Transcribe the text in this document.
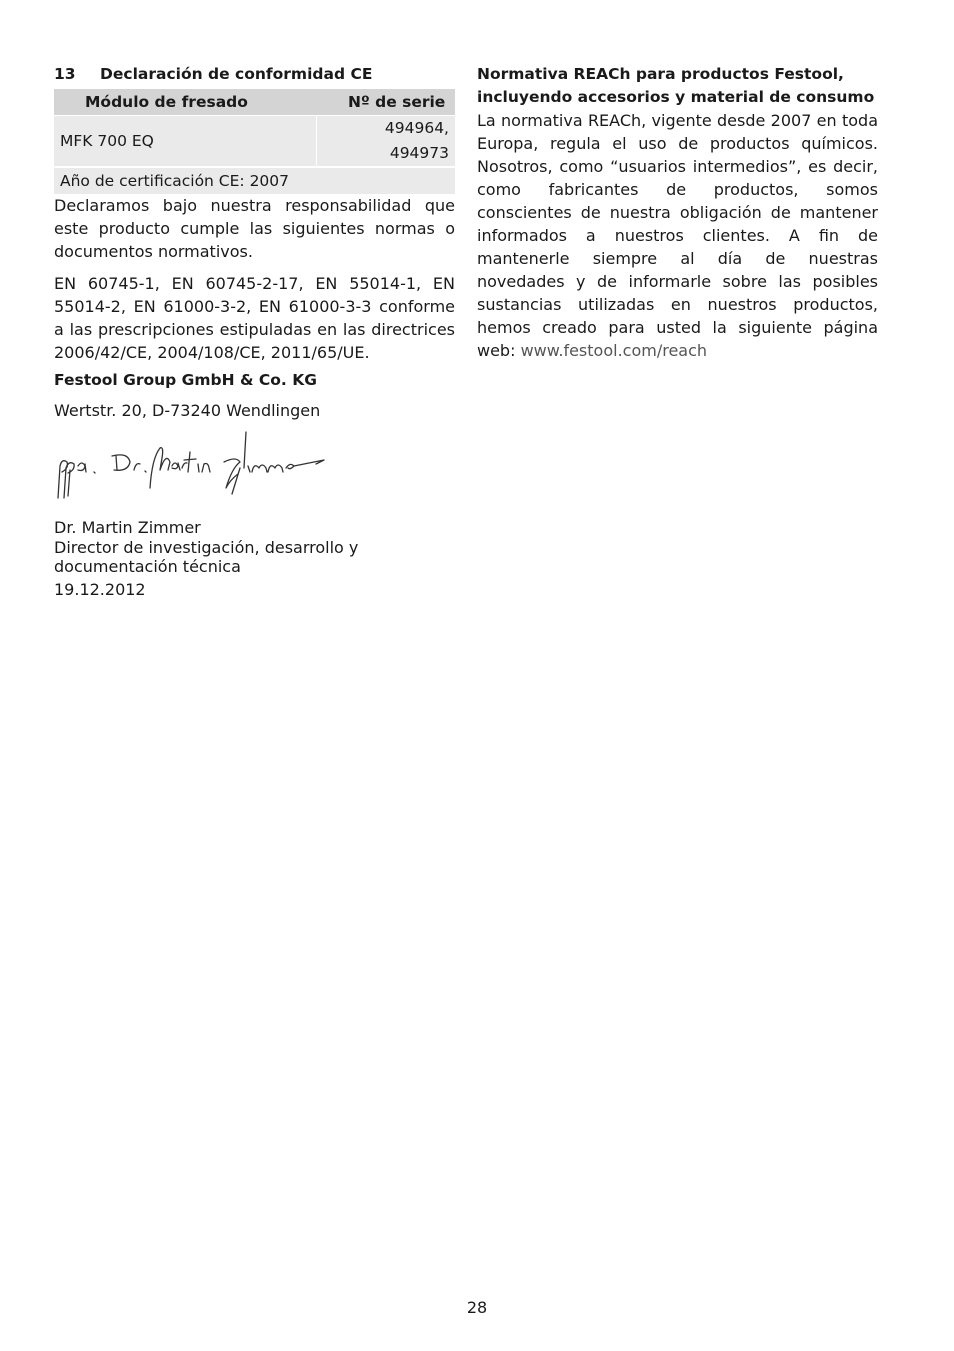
13	Declaración de conformidad CE
Módulo de fresado	Nº de serie
MFK 700 EQ	494964, 494973
Año de certificación CE: 2007	

Declaramos bajo nuestra responsabilidad que este producto cumple las siguientes normas o documentos normativos.

EN 60745-1, EN 60745-2-17, EN 55014-1, EN 55014-2, EN 61000-3-2, EN 61000-3-3 conforme a las prescripciones estipuladas en las directrices 2006/42/CE, 2004/108/CE, 2011/65/UE.

Festool Group GmbH & Co. KG
Wertstr. 20, D-73240 Wendlingen
Dr. Martin Zimmer
Director de investigación, desarrollo y documentación técnica
19.12.2012

Normativa REACh para productos Festool, incluyendo accesorios y material de consumo

La normativa REACh, vigente desde 2007 en toda Europa, regula el uso de productos químicos. Nosotros, como “usuarios intermedios”, es decir, como fabricantes de productos, somos conscientes de nuestra obligación de mantener informados a nuestros clientes. A fin de mantenerle siempre al día de nuestras novedades y de informarle sobre las posibles sustancias utilizadas en nuestros productos, hemos creado para usted la siguiente página web: www.festool.com/reach

28
